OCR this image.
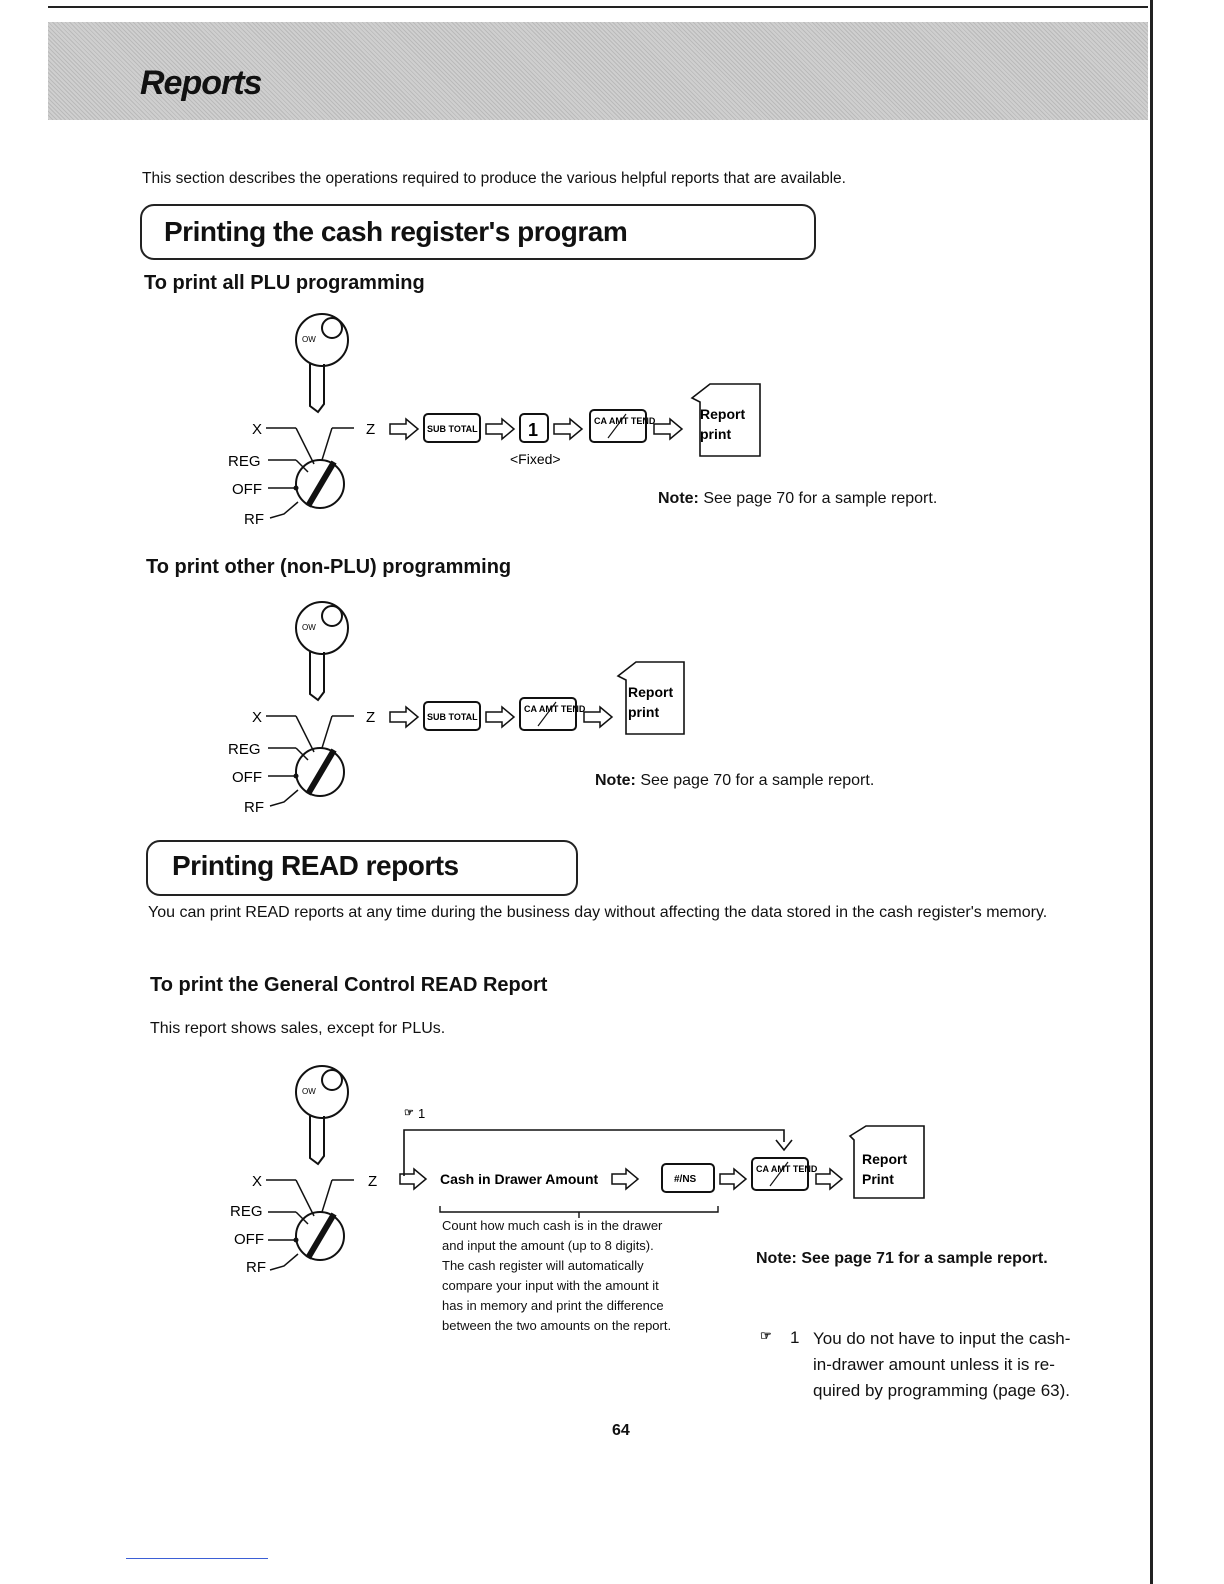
Reports
This section describes the operations required to produce the various helpful reports that are available.
Printing the cash register's program
To print all PLU programming
OW
X
REG
OFF
RF
Z	SUB TOTAL	1	CA AMT TEND	Report
print
<Fixed>
Note: See page 70 for a sample report.
To print other (non-PLU) programming
OW
X
REG
OFF
RF
Z	SUB TOTAL
CA AMT TEND
Report
print
Note: See page 70 for a sample report.
Printing READ reports
You can print READ reports at any time during the business day without affecting the data stored in the cash register's memory.
To print the General Control READ Report
This report shows sales, except for PLUs.
OW
X
REG
OFF
RF
Z
☞ 1
Cash in Drawer Amount	#/NS
CA AMT TEND
Report
Print
Count how much cash is in the drawer
and input the amount (up to 8 digits).
The cash register will automatically
compare your input with the amount it
has in memory and print the difference
between the two amounts on the report.
Note: See page 71 for a sample report.
☞ 1 You do not have to input the cash-
in-drawer amount unless it is re-
quired by programming (page 63).
64
